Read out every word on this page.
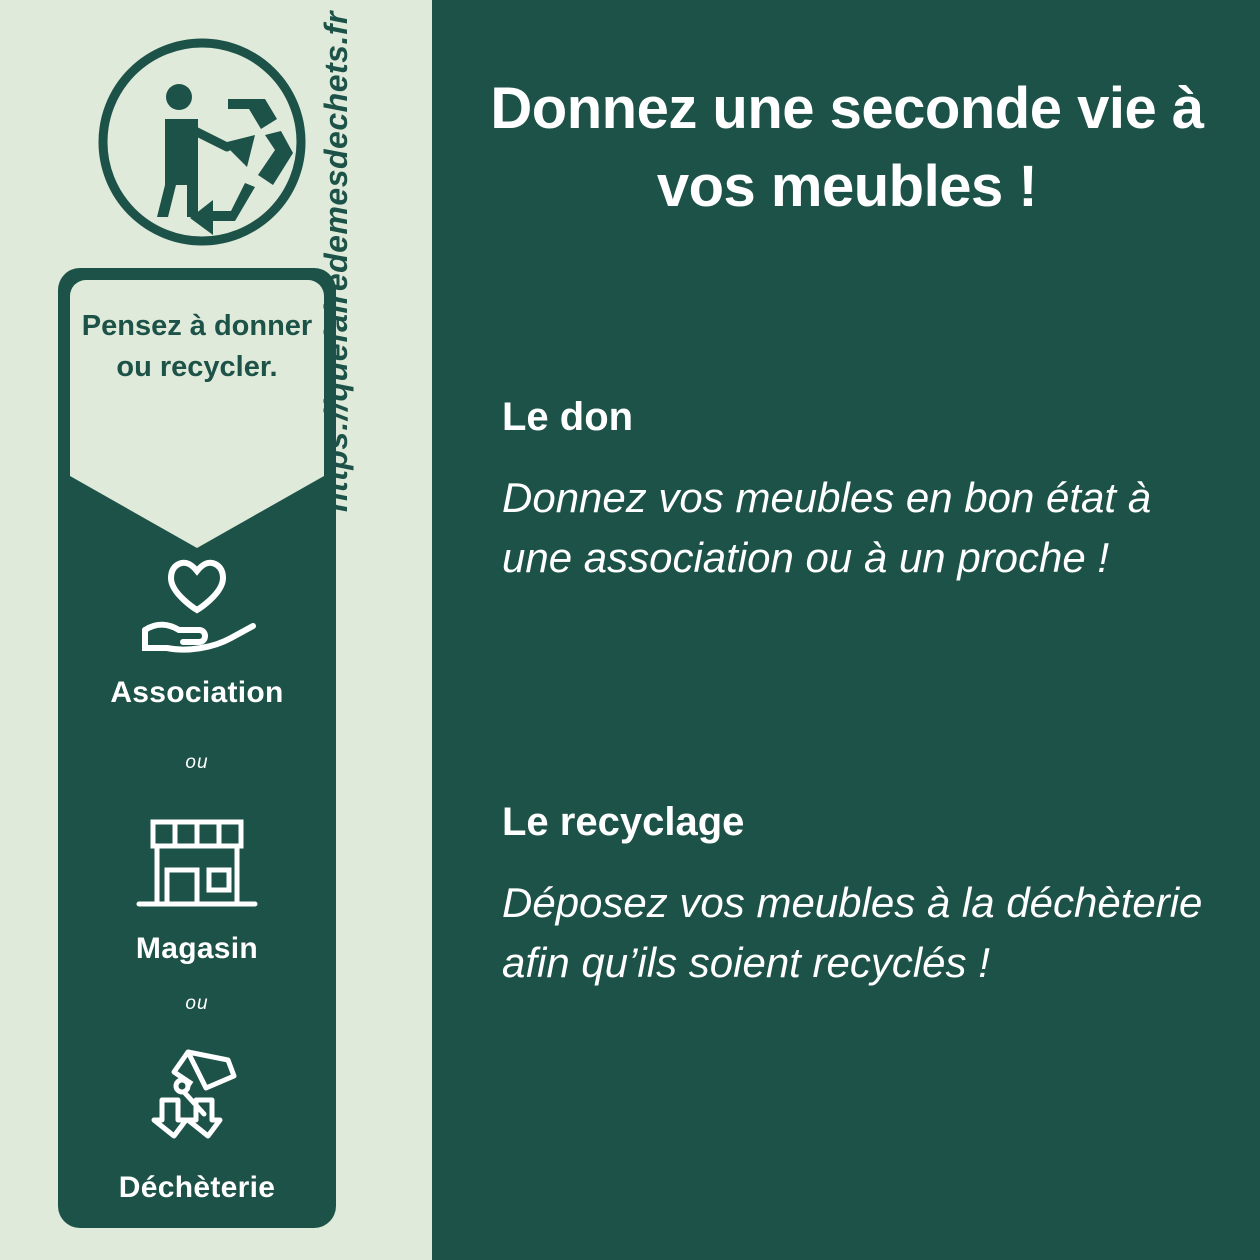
Donnez une seconde vie à vos meubles !
Le don
Donnez vos meubles en bon état à une association ou à un proche !
Le recyclage
Déposez vos meubles à la déchèterie afin qu’ils soient recyclés !
Pensez à donner ou recycler.
Association
ou
Magasin
ou
Déchèterie
https://quefairedemesdechets.fr
